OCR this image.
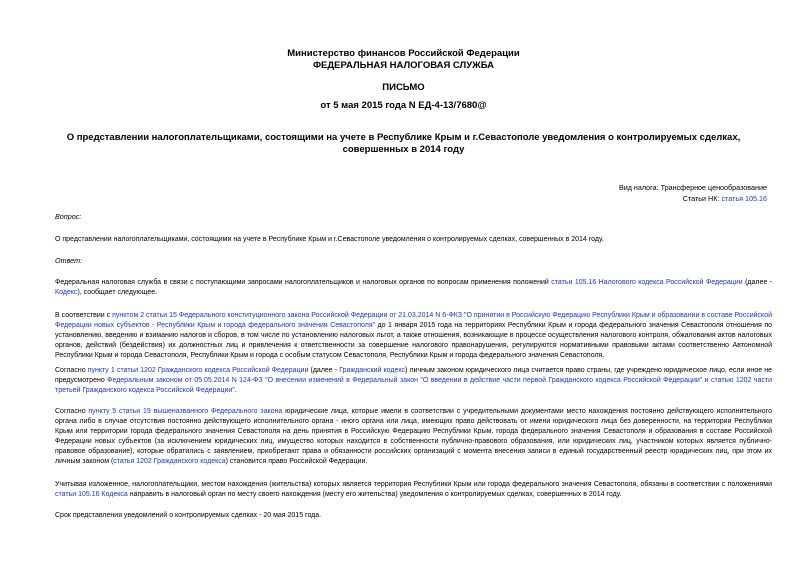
Министерство финансов Российской Федерации
ФЕДЕРАЛЬНАЯ НАЛОГОВАЯ СЛУЖБА
ПИСЬМО
от 5 мая 2015 года N ЕД-4-13/7680@
О представлении налогоплательщиками, состоящими на учете в Республике Крым и г.Севастополе уведомления о контролируемых сделках, совершенных в 2014 году
Вид налога: Трансферное ценообразование
Статьи НК: статья 105.16
Вопрос:
О представлении налогоплательщиками, состоящими на учете в Республике Крым и г.Севастополе уведомления о контролируемых сделках, совершенных в 2014 году.
Ответ:
Федеральная налоговая служба в связи с поступающими запросами налогоплательщиков и налоговых органов по вопросам применения положений статьи 105.16 Налогового кодекса Российской Федерации (далее - Кодекс), сообщает следующее.
В соответствии с пунктом 2 статьи 15 Федерального конституционного закона Российской Федерации от 21.03.2014 N 6-ФКЗ "О принятии в Российскую Федерацию Республики Крым и образовании в составе Российской Федерации новых субъектов - Республики Крым и города федерального значения Севастополя" до 1 января 2015 года на территориях Республики Крым и города федерального значения Севастополя отношения по установлению, введению и взиманию налогов и сборов, в том числе по установлению налоговых льгот, а также отношения, возникающие в процессе осуществления налогового контроля, обжалования актов налоговых органов, действий (бездействия) их должностных лиц и привлечения к ответственности за совершение налогового правонарушения, регулируются нормативными правовыми актами соответственно Автономной Республики Крым и города Севастополя, Республики Крым и города с особым статусом Севастополя, Республики Крым и города федерального значения Севастополя.
Согласно пункту 1 статьи 1202 Гражданского кодекса Российской Федерации (далее - Гражданский кодекс) личным законом юридического лица считается право страны, где учреждено юридическое лицо, если иное не предусмотрено Федеральным законом от 05.05.2014 N 124-ФЗ "О внесении изменений в Федеральный закон "О введении в действие части первой Гражданского кодекса Российской Федерации" и статью 1202 части третьей Гражданского кодекса Российской Федерации".
Согласно пункту 5 статьи 19 вышеназванного Федерального закона юридические лица, которые имели в соответствии с учредительными документами место нахождения постоянно действующего исполнительного органа либо в случае отсутствия постоянно действующего исполнительного органа - иного органа или лица, имеющих право действовать от имени юридического лица без доверенности, на территории Республики Крым или территории города федерального значения Севастополя на день принятия в Российскую Федерацию Республики Крым, города федерального значения Севастополя и образования в составе Российской Федерации новых субъектов (за исключением юридических лиц, имущество которых находится в собственности публично-правового образования, или юридических лиц, участником которых является публично-правовое образование), которые обратились с заявлением, приобретают права и обязанности российских организаций с момента внесения записи в единый государственный реестр юридических лиц, при этом их личным законом (статья 1202 Гражданского кодекса) становится право Российской Федерации.
Учитывая изложенное, налогоплательщики, местом нахождения (жительства) которых является территория Республики Крым или города федерального значения Севастополя, обязаны в соответствии с положениями статьи 105.16 Кодекса направить в налоговый орган по месту своего нахождения (месту его жительства) уведомления о контролируемых сделках, совершенных в 2014 году.
Срок представления уведомлений о контролируемых сделках - 20 мая 2015 года.
